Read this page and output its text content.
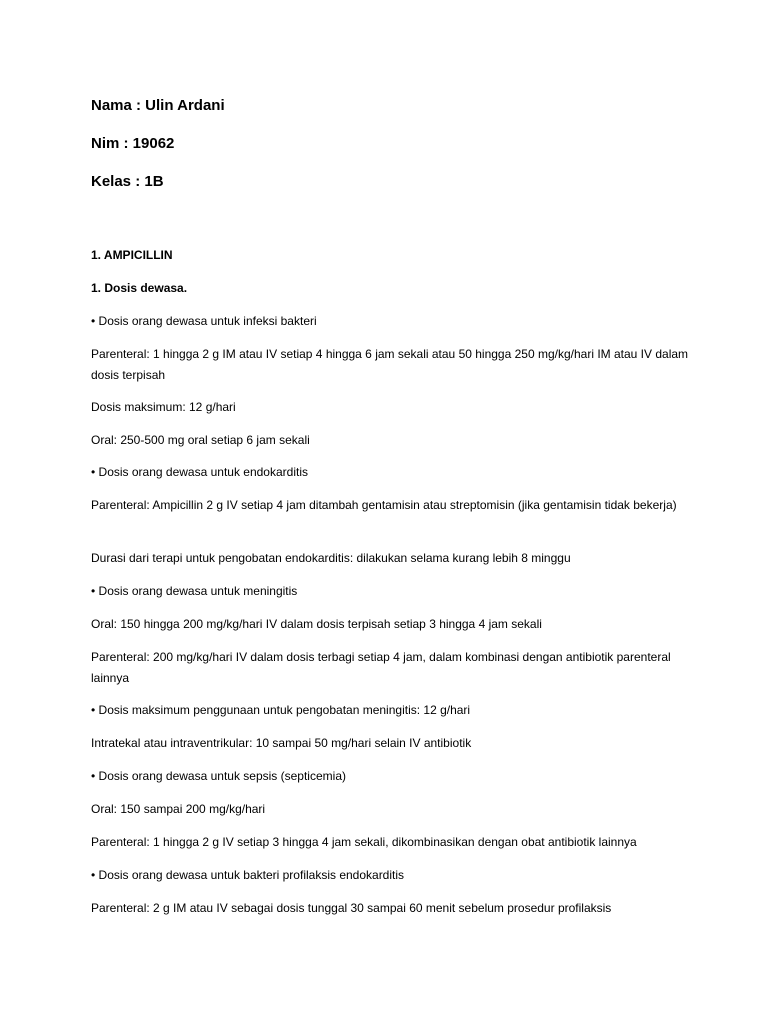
Nama : Ulin Ardani
Nim : 19062
Kelas : 1B
1. AMPICILLIN
1. Dosis dewasa.
• Dosis orang dewasa untuk infeksi bakteri
Parenteral: 1 hingga 2 g IM atau IV setiap 4 hingga 6 jam sekali atau 50 hingga 250 mg/kg/hari IM atau IV dalam dosis terpisah
Dosis maksimum: 12 g/hari
Oral: 250-500 mg oral setiap 6 jam sekali
• Dosis orang dewasa untuk endokarditis
Parenteral: Ampicillin 2 g IV setiap 4 jam ditambah gentamisin atau streptomisin (jika gentamisin tidak bekerja)
Durasi dari terapi untuk pengobatan endokarditis: dilakukan selama kurang lebih 8 minggu
• Dosis orang dewasa untuk meningitis
Oral: 150 hingga 200 mg/kg/hari IV dalam dosis terpisah setiap 3 hingga 4 jam sekali
Parenteral: 200 mg/kg/hari IV dalam dosis terbagi setiap 4 jam, dalam kombinasi dengan antibiotik parenteral lainnya
• Dosis maksimum penggunaan untuk pengobatan meningitis: 12 g/hari
Intratekal atau intraventrikular: 10 sampai 50 mg/hari selain IV antibiotik
• Dosis orang dewasa untuk sepsis (septicemia)
Oral: 150 sampai 200 mg/kg/hari
Parenteral: 1 hingga 2 g IV setiap 3 hingga 4 jam sekali, dikombinasikan dengan obat antibiotik lainnya
• Dosis orang dewasa untuk bakteri profilaksis endokarditis
Parenteral: 2 g IM atau IV sebagai dosis tunggal 30 sampai 60 menit sebelum prosedur profilaksis
